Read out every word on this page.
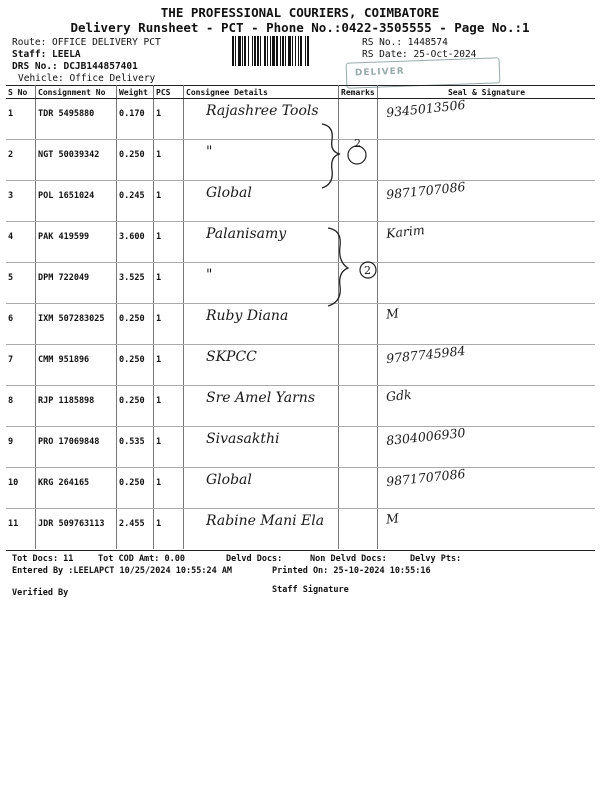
THE PROFESSIONAL COURIERS, COIMBATORE
Delivery Runsheet - PCT - Phone No.:0422-3505555 - Page No.:1
Route: OFFICE DELIVERY PCT
Staff: LEELA
DRS No.: DCJB144857401
Vehicle: Office Delivery
RS No.: 1448574
RS Date: 25-Oct-2024
DELIVER
S No	Consignment No	Weight	PCS	Consignee Details	Remarks	Seal & Signature
1	TDR 5495880	0.170	1	Rajashree Tools		9345013506
2	NGT 50039342	0.250	1	"		
3	POL 1651024	0.245	1	Global		9871707086
4	PAK 419599	3.600	1	Palanisamy		Karim
5	DPM 722049	3.525	1	"		
6	IXM 507283025	0.250	1	Ruby Diana		M
7	CMM 951896	0.250	1	SKPCC		9787745984
8	RJP 1185898	0.250	1	Sre Amel Yarns		Gdk
9	PRO 17069848	0.535	1	Sivasakthi		8304006930
10	KRG 264165	0.250	1	Global		9871707086
11	JDR 509763113	2.455	1	Rabine Mani Ela		M
2
2
Tot Docs: 11	Tot COD Amt: 0.00	Delvd Docs:	Non Delvd Docs:	Delvy Pts:
Entered By :LEELAPCT 10/25/2024 10:55:24 AM	Printed On: 25-10-2024 10:55:16
Verified By	Staff Signature
